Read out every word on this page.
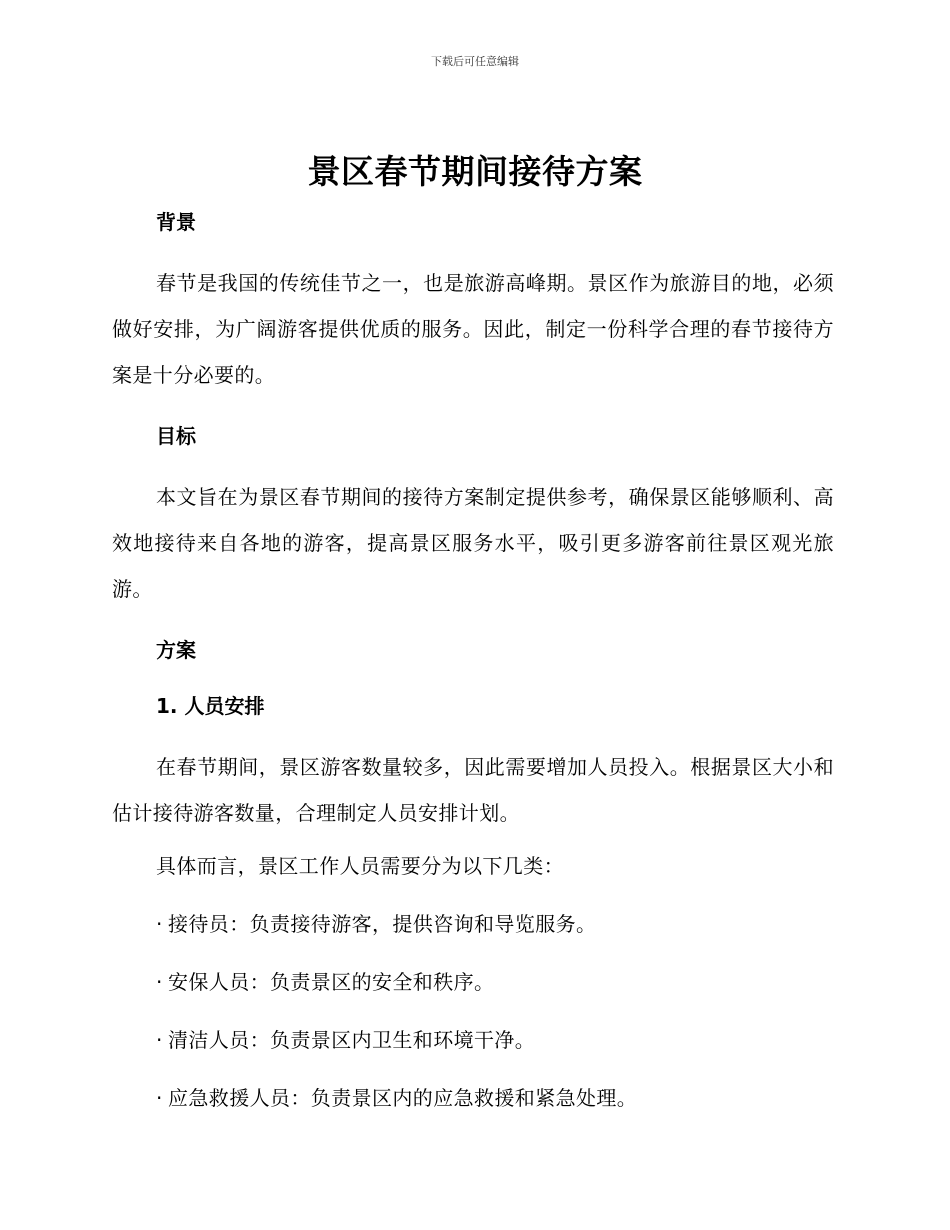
下载后可任意编辑
景区春节期间接待方案

背景

春节是我国的传统佳节之一，也是旅游高峰期。景区作为旅游目的地，必须做好安排，为广阔游客提供优质的服务。因此，制定一份科学合理的春节接待方案是十分必要的。

目标

本文旨在为景区春节期间的接待方案制定提供参考，确保景区能够顺利、高效地接待来自各地的游客，提高景区服务水平，吸引更多游客前往景区观光旅游。

方案

1. 人员安排

在春节期间，景区游客数量较多，因此需要增加人员投入。根据景区大小和估计接待游客数量，合理制定人员安排计划。

具体而言，景区工作人员需要分为以下几类：

· 接待员：负责接待游客，提供咨询和导览服务。

· 安保人员：负责景区的安全和秩序。

· 清洁人员：负责景区内卫生和环境干净。

· 应急救援人员：负责景区内的应急救援和紧急处理。
